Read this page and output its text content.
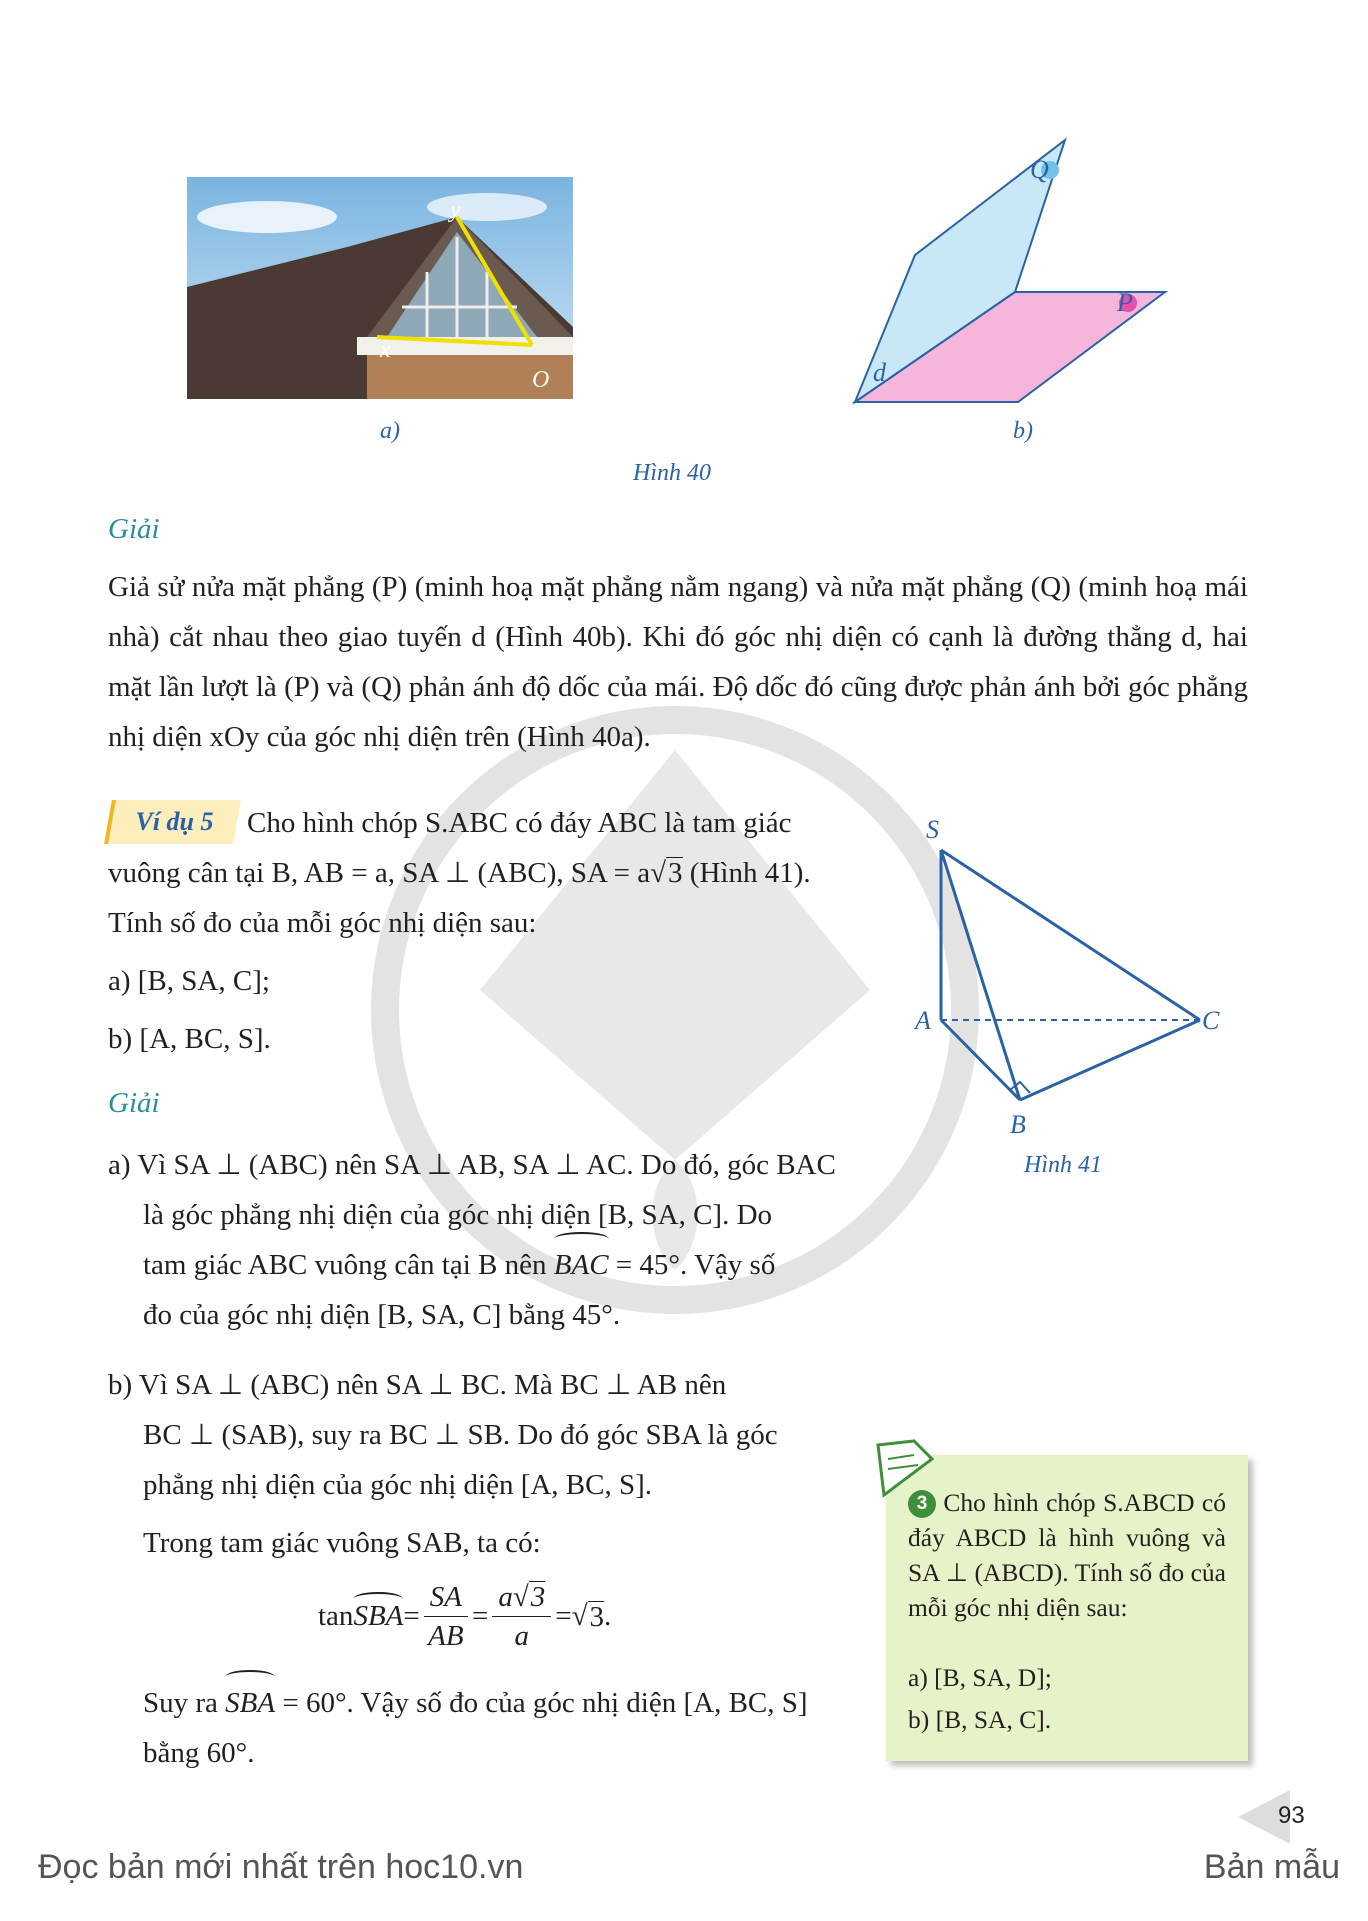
y
x
O
a)
Q
P
d
b)
Hình 40
Giải
Giả sử nửa mặt phẳng (P) (minh hoạ mặt phẳng nằm ngang) và nửa mặt phẳng (Q) (minh hoạ mái nhà) cắt nhau theo giao tuyến d (Hình 40b). Khi đó góc nhị diện có cạnh là đường thẳng d, hai mặt lần lượt là (P) và (Q) phản ánh độ dốc của mái. Độ dốc đó cũng được phản ánh bởi góc phẳng nhị diện xOy của góc nhị diện trên (Hình 40a).
Ví dụ 5	Cho hình chóp S.ABC có đáy ABC là tam giác
vuông cân tại B, AB = a, SA ⊥ (ABC), SA = a√3 (Hình 41).
Tính số đo của mỗi góc nhị diện sau:
a) [B, SA, C];
b) [A, BC, S].
S
A
B
C
Hình 41
Giải
a) Vì SA ⊥ (ABC) nên SA ⊥ AB, SA ⊥ AC. Do đó, góc BAC
là góc phẳng nhị diện của góc nhị diện [B, SA, C]. Do
tam giác ABC vuông cân tại B nên BAC = 45°. Vậy số
đo của góc nhị diện [B, SA, C] bằng 45°.
b) Vì SA ⊥ (ABC) nên SA ⊥ BC. Mà BC ⊥ AB nên
BC ⊥ (SAB), suy ra BC ⊥ SB. Do đó góc SBA là góc
phẳng nhị diện của góc nhị diện [A, BC, S].
Trong tam giác vuông SAB, ta có:
tan SBA = $\frac{SA}{AB} = \frac{a√3}{a}$ = √ 3 .
Suy ra SBA = 60°. Vậy số đo của góc nhị diện [A, BC, S]
bằng 60°.
3 Cho hình chóp S.ABCD có đáy ABCD là hình vuông và SA ⊥ (ABCD). Tính số đo của mỗi góc nhị diện sau:
a) [B, SA, D];
b) [B, SA, C].
93
Đọc bản mới nhất trên hoc10.vn	Bản mẫu
